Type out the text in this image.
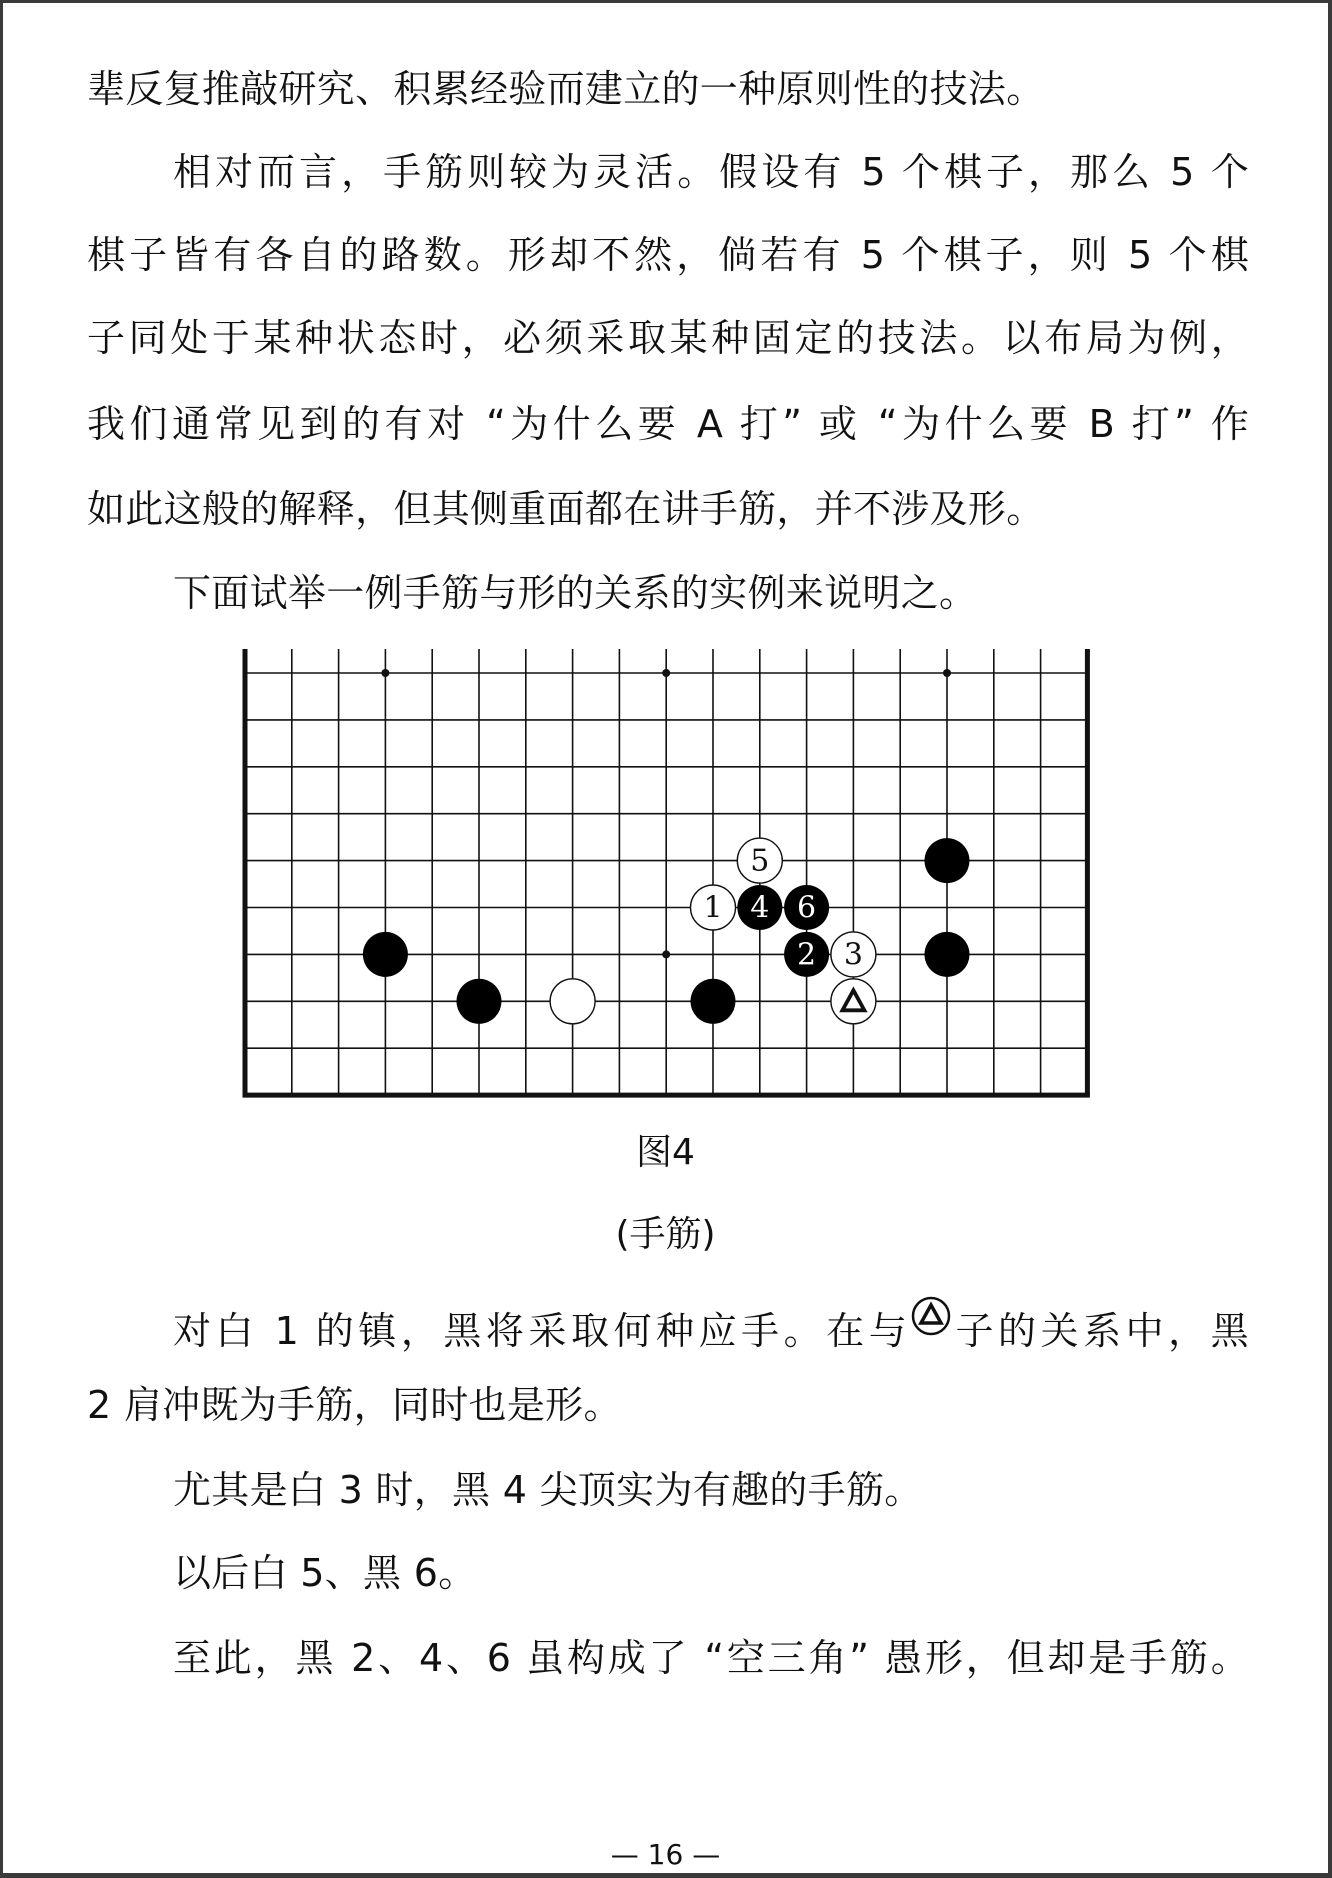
辈反复推敲研究、积累经验而建立的一种原则性的技法。
相对而言，手筋则较为灵活。假设有 5 个棋子，那么 5 个
棋子皆有各自的路数。形却不然，倘若有 5 个棋子，则 5 个棋
子同处于某种状态时，必须采取某种固定的技法。以布局为例，
我们通常见到的有对 “为什么要 A 打” 或 “为什么要 B 打” 作
如此这般的解释，但其侧重面都在讲手筋，并不涉及形。
下面试举一例手筋与形的关系的实例来说明之。
2 3
1 4 6
5
图4
(手筋)
对白 1 的镇，黑将采取何种应手。在与 子的关系中，黑
2 肩冲既为手筋，同时也是形。
尤其是白 3 时，黑 4 尖顶实为有趣的手筋。
以后白 5、黑 6。
至此，黑 2、4、6 虽构成了 “空三角” 愚形，但却是手筋。
— 16 —
